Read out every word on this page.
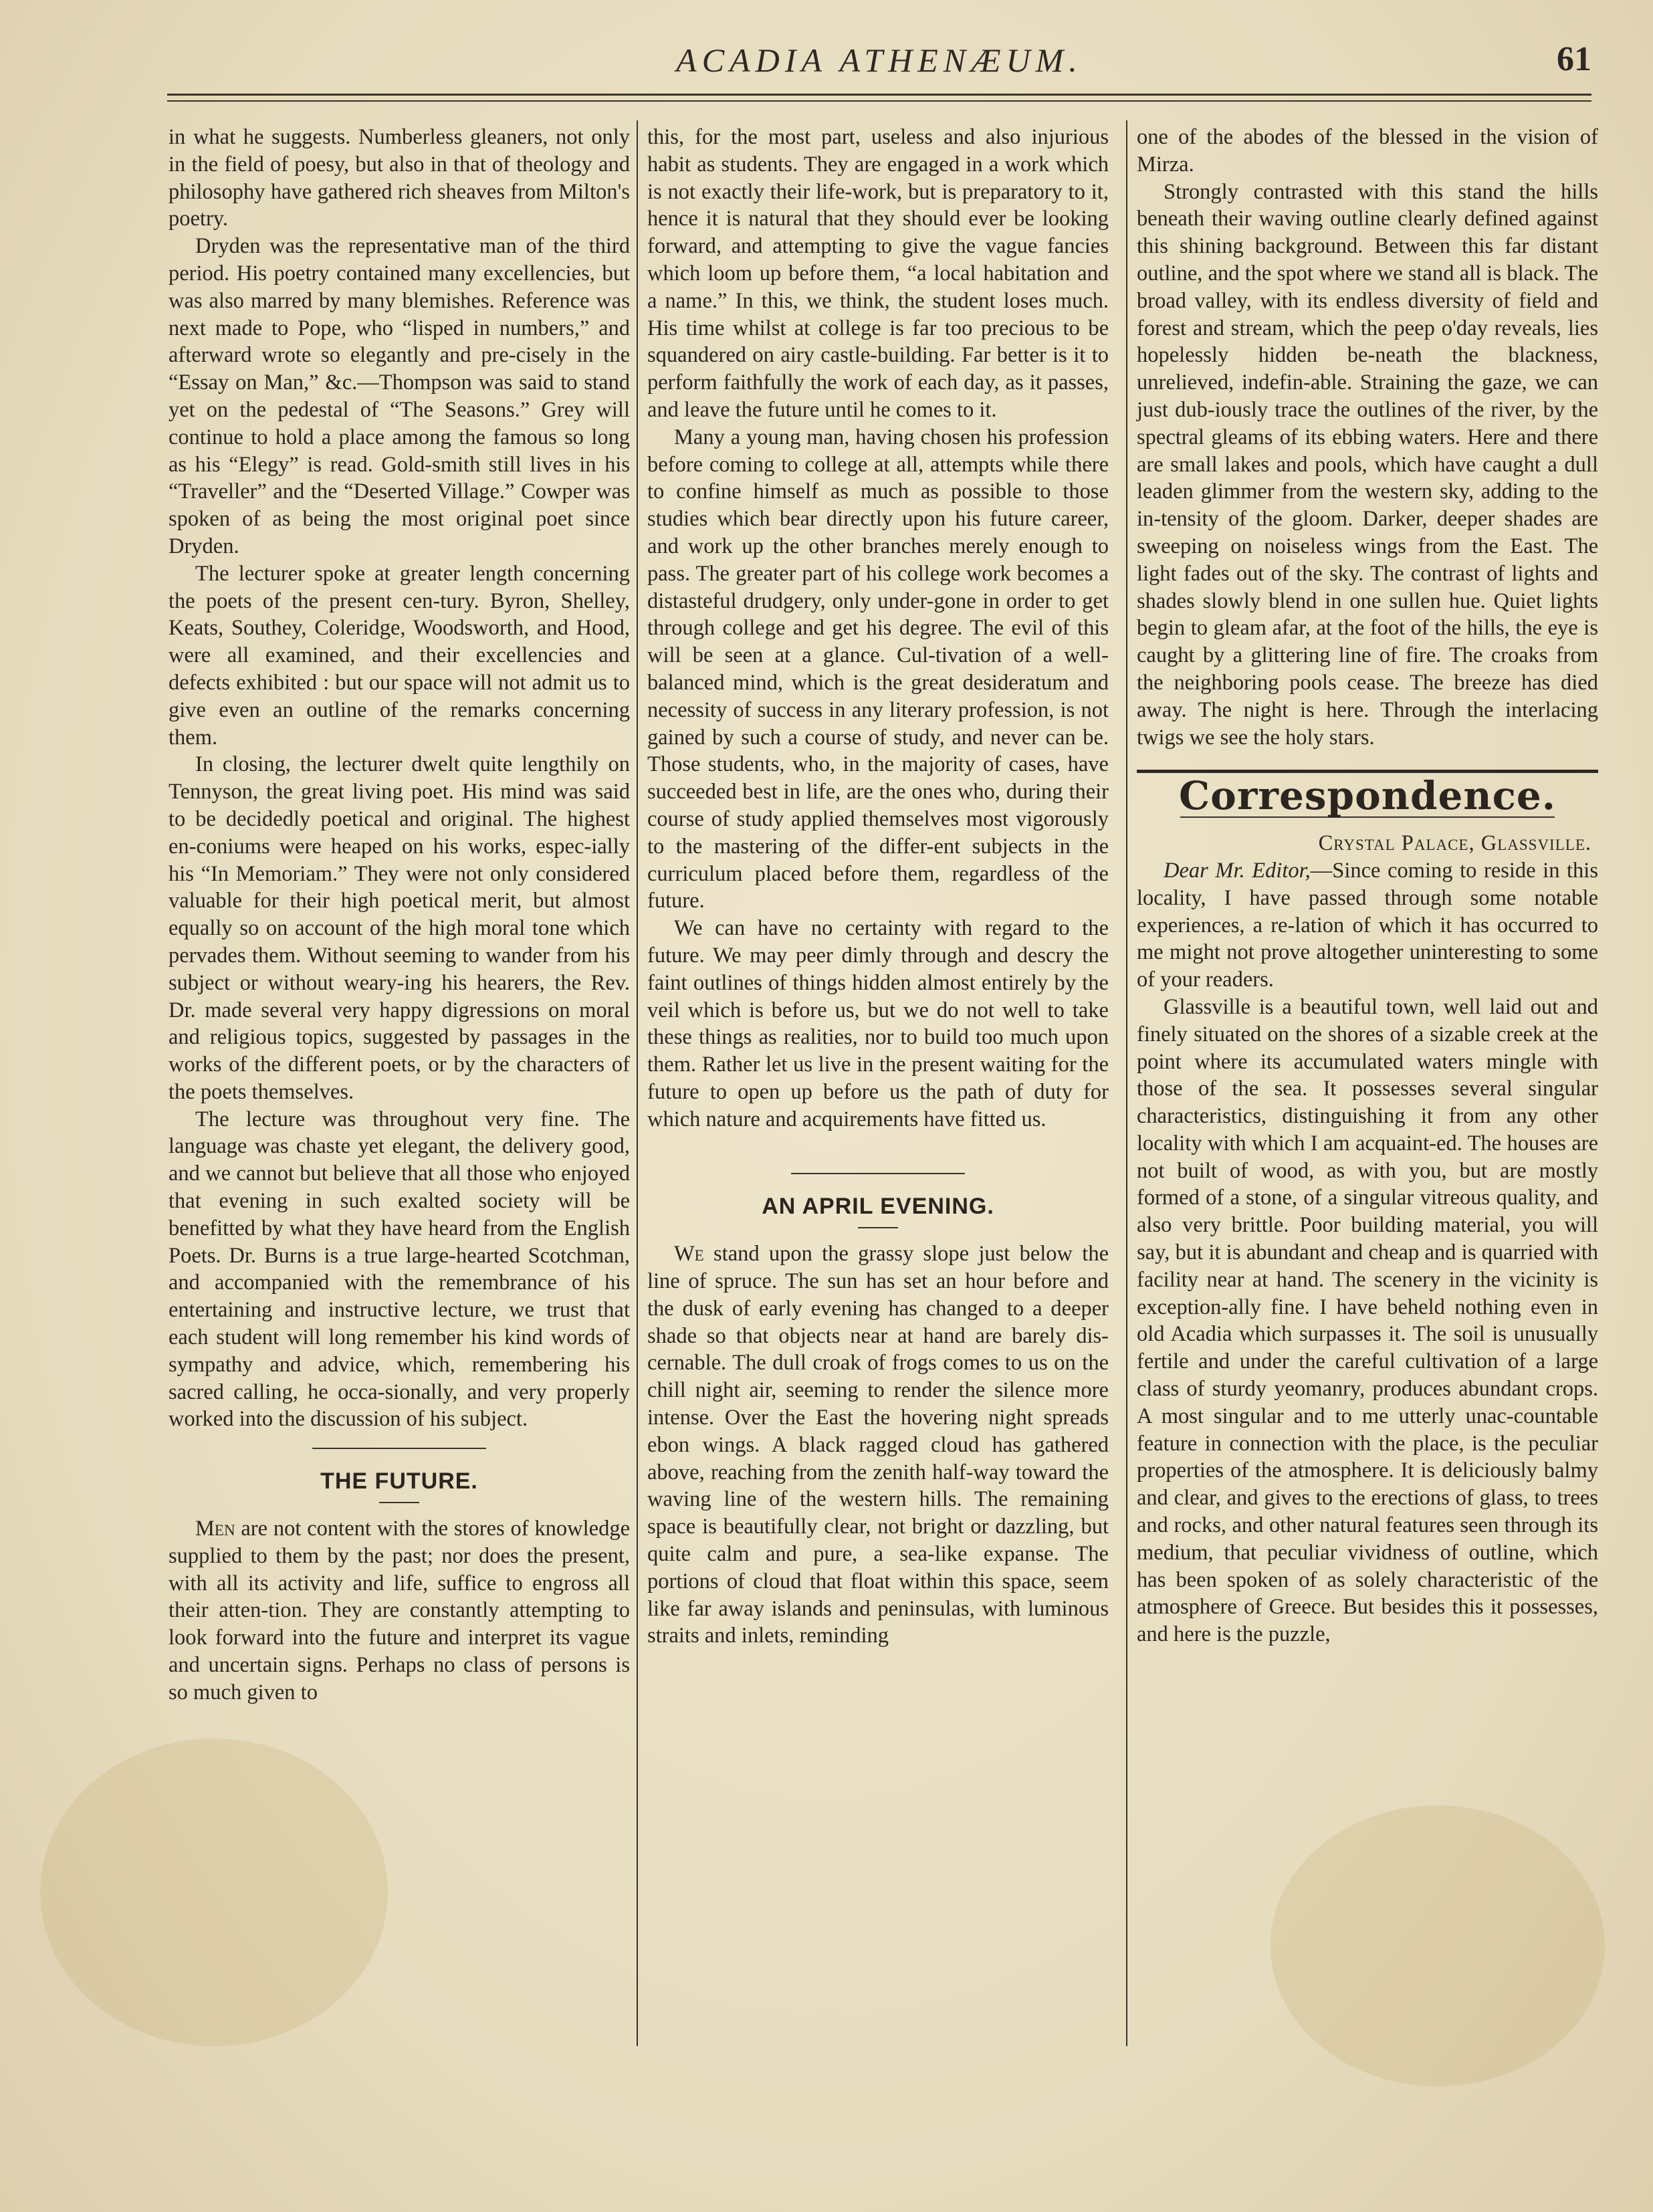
ACADIA ATHENÆUM.	61

in what he suggests. Numberless gleaners, not only in the field of poesy, but also in that of theology and philosophy have gathered rich sheaves from Milton's poetry.

Dryden was the representative man of the third period. His poetry contained many excellencies, but was also marred by many blemishes. Reference was next made to Pope, who “lisped in numbers,” and afterward wrote so elegantly and pre-cisely in the “Essay on Man,” &c.—Thompson was said to stand yet on the pedestal of “The Seasons.” Grey will continue to hold a place among the famous so long as his “Elegy” is read. Gold-smith still lives in his “Traveller” and the “Deserted Village.” Cowper was spoken of as being the most original poet since Dryden.

The lecturer spoke at greater length concerning the poets of the present cen-tury. Byron, Shelley, Keats, Southey, Coleridge, Woodsworth, and Hood, were all examined, and their excellencies and defects exhibited : but our space will not admit us to give even an outline of the remarks concerning them.

In closing, the lecturer dwelt quite lengthily on Tennyson, the great living poet. His mind was said to be decidedly poetical and original. The highest en-coniums were heaped on his works, espec-ially his “In Memoriam.” They were not only considered valuable for their high poetical merit, but almost equally so on account of the high moral tone which pervades them. Without seeming to wander from his subject or without weary-ing his hearers, the Rev. Dr. made several very happy digressions on moral and religious topics, suggested by passages in the works of the different poets, or by the characters of the poets themselves.

The lecture was throughout very fine. The language was chaste yet elegant, the delivery good, and we cannot but believe that all those who enjoyed that evening in such exalted society will be benefitted by what they have heard from the English Poets. Dr. Burns is a true large-hearted Scotchman, and accompanied with the remembrance of his entertaining and instructive lecture, we trust that each student will long remember his kind words of sympathy and advice, which, remembering his sacred calling, he occa-sionally, and very properly worked into the discussion of his subject.

THE FUTURE.

Men are not content with the stores of knowledge supplied to them by the past; nor does the present, with all its activity and life, suffice to engross all their atten-tion. They are constantly attempting to look forward into the future and interpret its vague and uncertain signs. Perhaps no class of persons is so much given to

this, for the most part, useless and also injurious habit as students. They are engaged in a work which is not exactly their life-work, but is preparatory to it, hence it is natural that they should ever be looking forward, and attempting to give the vague fancies which loom up before them, “a local habitation and a name.” In this, we think, the student loses much. His time whilst at college is far too precious to be squandered on airy castle-building. Far better is it to perform faithfully the work of each day, as it passes, and leave the future until he comes to it.

Many a young man, having chosen his profession before coming to college at all, attempts while there to confine himself as much as possible to those studies which bear directly upon his future career, and work up the other branches merely enough to pass. The greater part of his college work becomes a distasteful drudgery, only under-gone in order to get through college and get his degree. The evil of this will be seen at a glance. Cul-tivation of a well-balanced mind, which is the great desideratum and necessity of success in any literary profession, is not gained by such a course of study, and never can be. Those students, who, in the majority of cases, have succeeded best in life, are the ones who, during their course of study applied themselves most vigorously to the mastering of the differ-ent subjects in the curriculum placed before them, regardless of the future.

We can have no certainty with regard to the future. We may peer dimly through and descry the faint outlines of things hidden almost entirely by the veil which is before us, but we do not well to take these things as realities, nor to build too much upon them. Rather let us live in the present waiting for the future to open up before us the path of duty for which nature and acquirements have fitted us.

AN APRIL EVENING.

We stand upon the grassy slope just below the line of spruce. The sun has set an hour before and the dusk of early evening has changed to a deeper shade so that objects near at hand are barely dis-cernable. The dull croak of frogs comes to us on the chill night air, seeming to render the silence more intense. Over the East the hovering night spreads ebon wings. A black ragged cloud has gathered above, reaching from the zenith half-way toward the waving line of the western hills. The remaining space is beautifully clear, not bright or dazzling, but quite calm and pure, a sea-like expanse. The portions of cloud that float within this space, seem like far away islands and peninsulas, with luminous straits and inlets, reminding

one of the abodes of the blessed in the vision of Mirza.

Strongly contrasted with this stand the hills beneath their waving outline clearly defined against this shining background. Between this far distant outline, and the spot where we stand all is black. The broad valley, with its endless diversity of field and forest and stream, which the peep o'day reveals, lies hopelessly hidden be-neath the blackness, unrelieved, indefin-able. Straining the gaze, we can just dub-iously trace the outlines of the river, by the spectral gleams of its ebbing waters. Here and there are small lakes and pools, which have caught a dull leaden glimmer from the western sky, adding to the in-tensity of the gloom. Darker, deeper shades are sweeping on noiseless wings from the East. The light fades out of the sky. The contrast of lights and shades slowly blend in one sullen hue. Quiet lights begin to gleam afar, at the foot of the hills, the eye is caught by a glittering line of fire. The croaks from the neighboring pools cease. The breeze has died away. The night is here. Through the interlacing twigs we see the holy stars.

Correspondence.

Crystal Palace, Glassville.

Dear Mr. Editor,—Since coming to reside in this locality, I have passed through some notable experiences, a re-lation of which it has occurred to me might not prove altogether uninteresting to some of your readers.

Glassville is a beautiful town, well laid out and finely situated on the shores of a sizable creek at the point where its accumulated waters mingle with those of the sea. It possesses several singular characteristics, distinguishing it from any other locality with which I am acquaint-ed. The houses are not built of wood, as with you, but are mostly formed of a stone, of a singular vitreous quality, and also very brittle. Poor building material, you will say, but it is abundant and cheap and is quarried with facility near at hand. The scenery in the vicinity is exception-ally fine. I have beheld nothing even in old Acadia which surpasses it. The soil is unusually fertile and under the careful cultivation of a large class of sturdy yeomanry, produces abundant crops. A most singular and to me utterly unac-countable feature in connection with the place, is the peculiar properties of the atmosphere. It is deliciously balmy and clear, and gives to the erections of glass, to trees and rocks, and other natural features seen through its medium, that peculiar vividness of outline, which has been spoken of as solely characteristic of the atmosphere of Greece. But besides this it possesses, and here is the puzzle,
